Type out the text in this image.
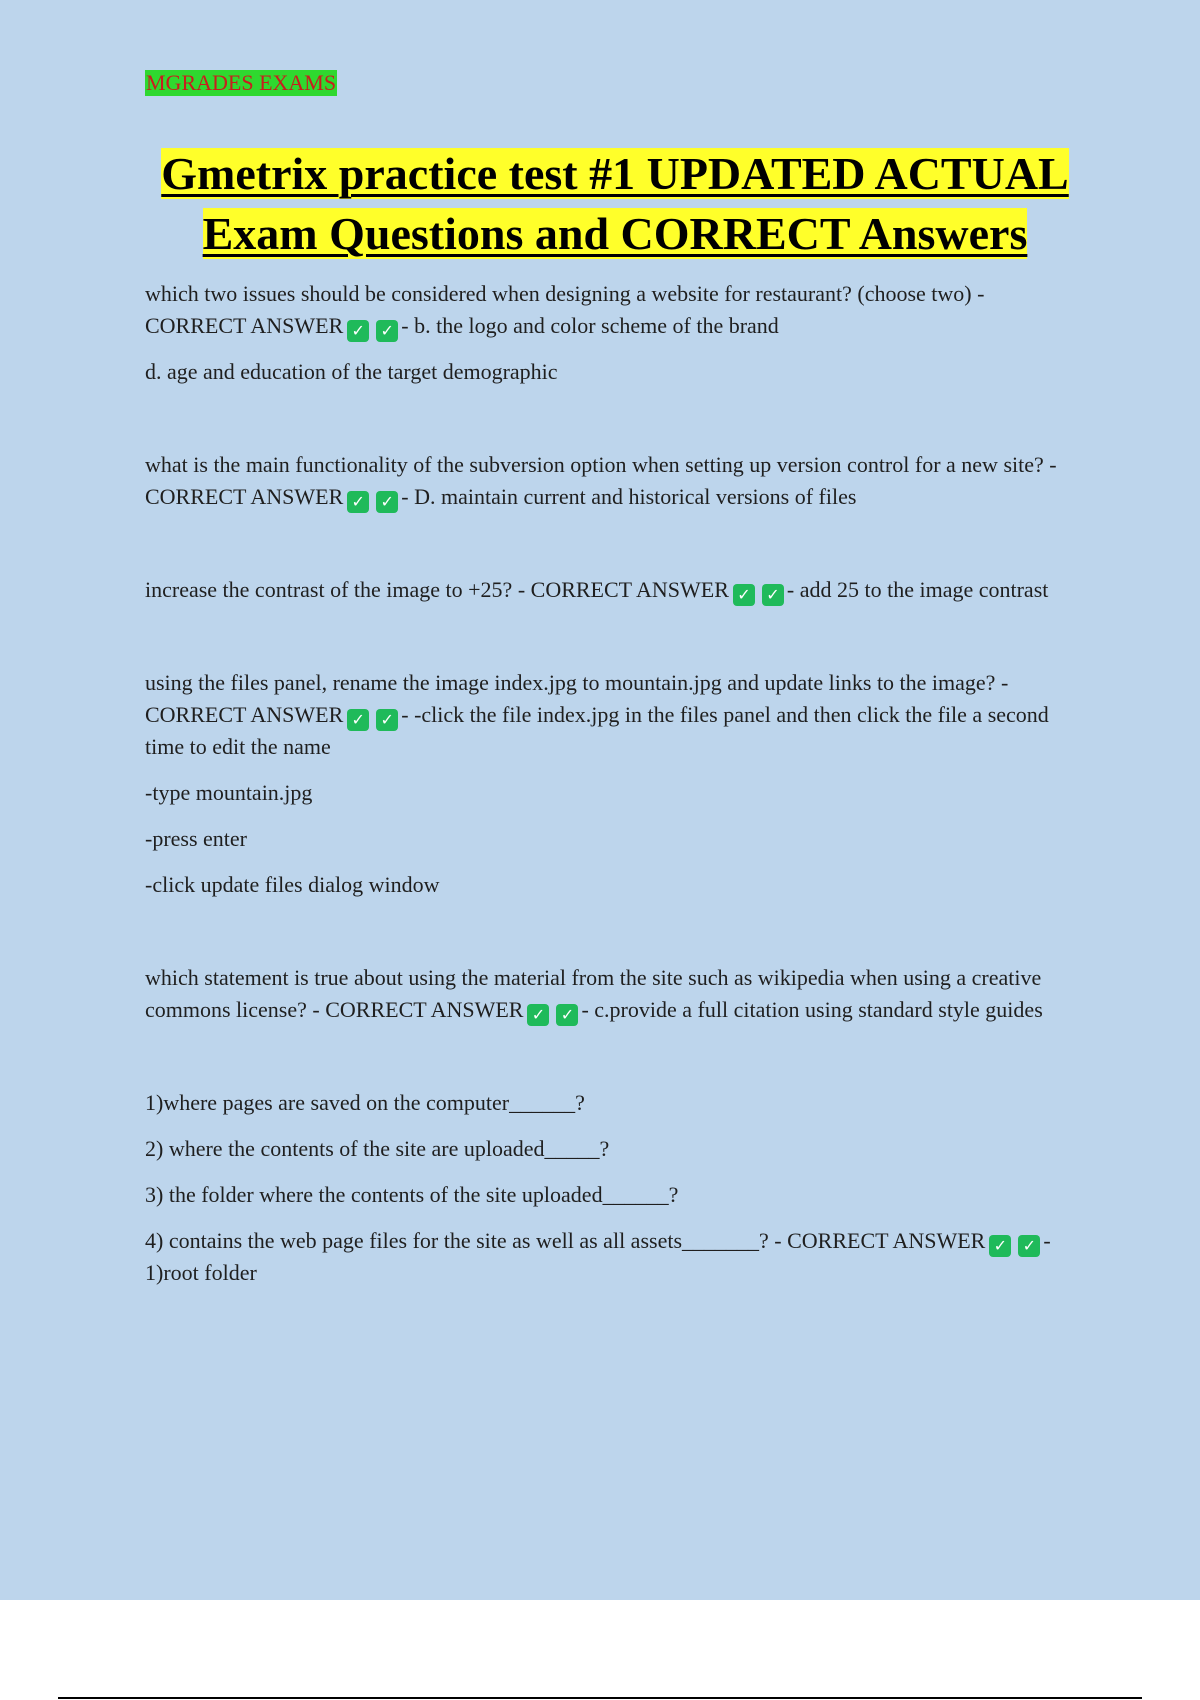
MGRADES EXAMS
Gmetrix practice test #1 UPDATED ACTUAL Exam Questions and CORRECT Answers

which two issues should be considered when designing a website for restaurant? (choose two) - CORRECT ANSWER ✓ ✓ - b. the logo and color scheme of the brand

d. age and education of the target demographic

what is the main functionality of the subversion option when setting up version control for a new site? - CORRECT ANSWER ✓ ✓ - D. maintain current and historical versions of files

increase the contrast of the image to +25? - CORRECT ANSWER ✓ ✓ - add 25 to the image contrast

using the files panel, rename the image index.jpg to mountain.jpg and update links to the image? - CORRECT ANSWER ✓ ✓ - -click the file index.jpg in the files panel and then click the file a second time to edit the name

-type mountain.jpg

-press enter

-click update files dialog window

which statement is true about using the material from the site such as wikipedia when using a creative commons license? - CORRECT ANSWER ✓ ✓ - c.provide a full citation using standard style guides

1)where pages are saved on the computer______?

2) where the contents of the site are uploaded_____?

3) the folder where the contents of the site uploaded______?

4) contains the web page files for the site as well as all assets_______? - CORRECT ANSWER ✓ ✓ - 1)root folder
